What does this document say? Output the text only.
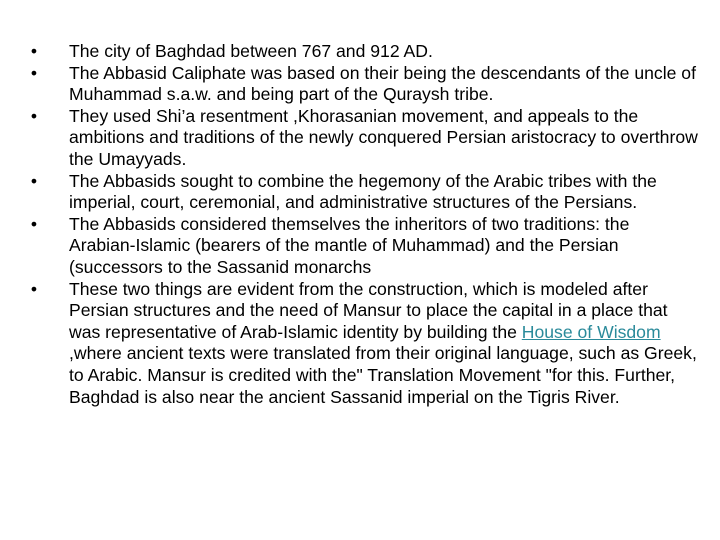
• The city of Baghdad between 767 and 912 AD.
• The Abbasid Caliphate was based on their being the descendants of the uncle of Muhammad s.a.w. and being part of the Quraysh tribe.
• They used Shi’a resentment ,Khorasanian movement, and appeals to the ambitions and traditions of the newly conquered Persian aristocracy to overthrow the Umayyads.
• The Abbasids sought to combine the hegemony of the Arabic tribes with the imperial, court, ceremonial, and administrative structures of the Persians.
• The Abbasids considered themselves the inheritors of two traditions: the Arabian-Islamic (bearers of the mantle of Muhammad) and the Persian (successors to the Sassanid monarchs
• These two things are evident from the construction, which is modeled after Persian structures and the need of Mansur to place the capital in a place that was representative of Arab-Islamic identity by building the House of Wisdom ,where ancient texts were translated from their original language, such as Greek, to Arabic. Mansur is credited with the" Translation Movement "for this. Further, Baghdad is also near the ancient Sassanid imperial on the Tigris River.
